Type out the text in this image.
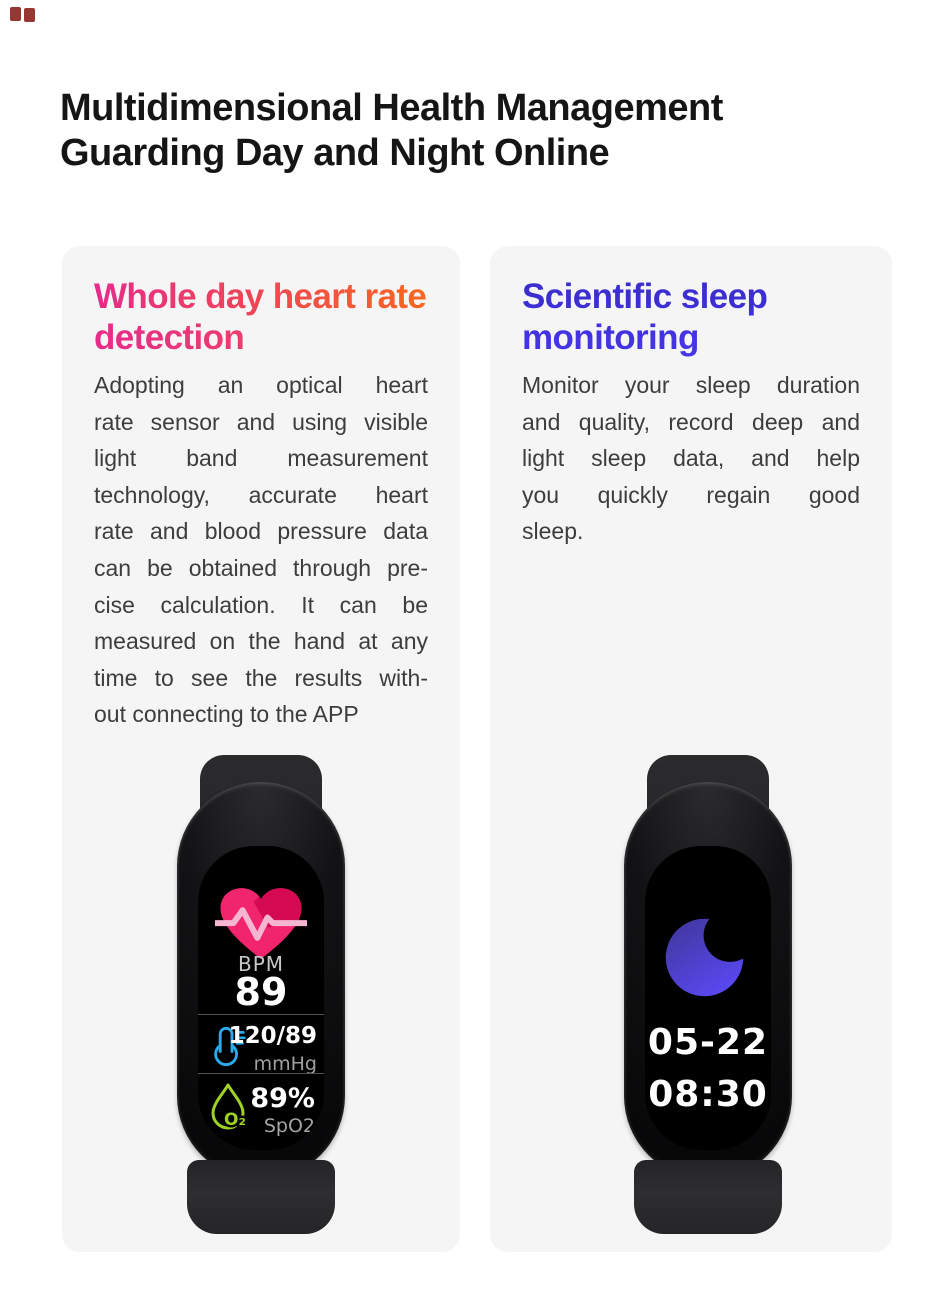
Multidimensional Health Management
Guarding Day and Night Online
Whole day heart rate
detection
Adopting an optical heart
rate sensor and using visible
light band measurement
technology, accurate heart
rate and blood pressure data
can be obtained through pre-
cise calculation. It can be
measured on the hand at any
time to see the results with-
out connecting to the APP
BPM
89
120/89
mmHg
O₂
89%
SpO2
Scientific sleep
monitoring
Monitor your sleep duration
and quality, record deep and
light sleep data, and help
you quickly regain good
sleep.
05-22
08:30
